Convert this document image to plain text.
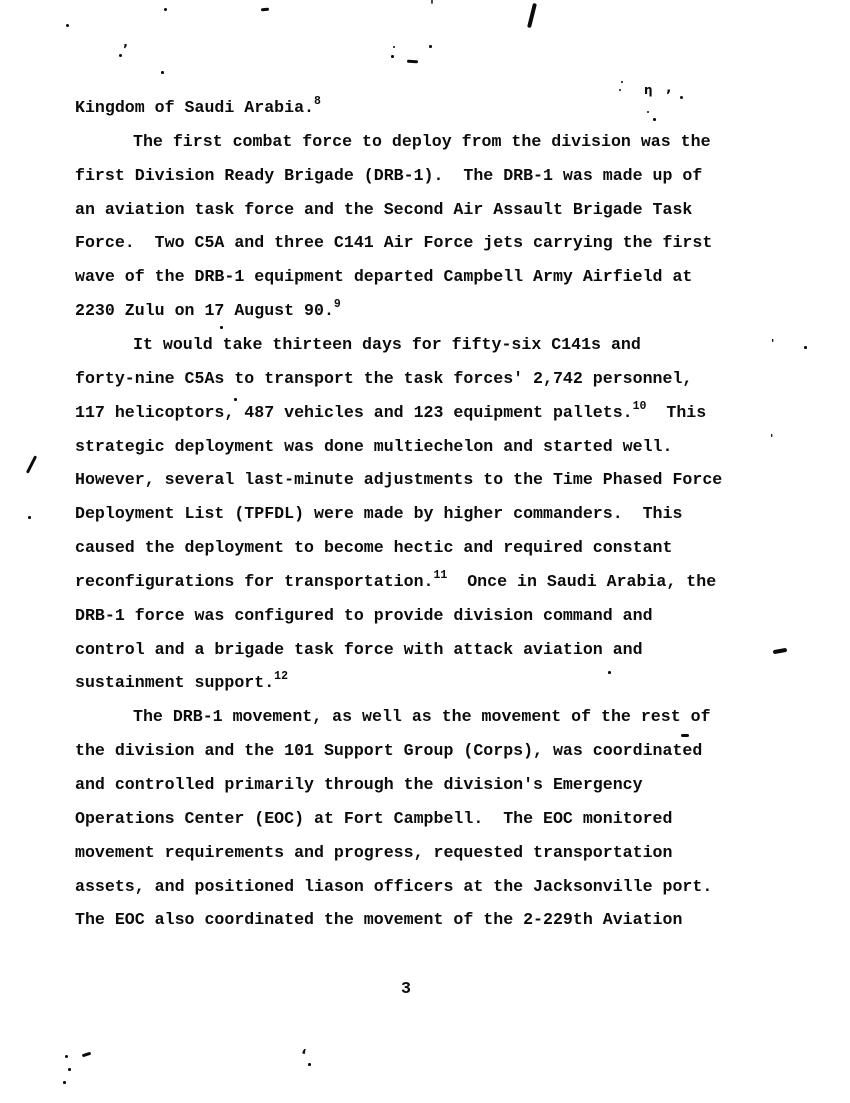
Kingdom of Saudi Arabia.$^8$
The first combat force to deploy from the division was the
first Division Ready Brigade (DRB-1).  The DRB-1 was made up of
an aviation task force and the Second Air Assault Brigade Task
Force.  Two C5A and three C141 Air Force jets carrying the first
wave of the DRB-1 equipment departed Campbell Army Airfield at
2230 Zulu on 17 August 90.$^9$
It would take thirteen days for fifty-six C141s and
forty-nine C5As to transport the task forces' 2,742 personnel,
117 helicoptors, 487 vehicles and 123 equipment pallets.$^{10}$  This
strategic deployment was done multiechelon and started well.
However, several last-minute adjustments to the Time Phased Force
Deployment List (TPFDL) were made by higher commanders.  This
caused the deployment to become hectic and required constant
reconfigurations for transportation.$^{11}$  Once in Saudi Arabia, the
DRB-1 force was configured to provide division command and
control and a brigade task force with attack aviation and
sustainment support.$^{12}$
The DRB-1 movement, as well as the movement of the rest of
the division and the 101 Support Group (Corps), was coordinated
and controlled primarily through the division's Emergency
Operations Center (EOC) at Fort Campbell.  The EOC monitored
movement requirements and progress, requested transportation
assets, and positioned liason officers at the Jacksonville port.
The EOC also coordinated the movement of the 2-229th Aviation
3
’
'
η ’
'
'
‘
